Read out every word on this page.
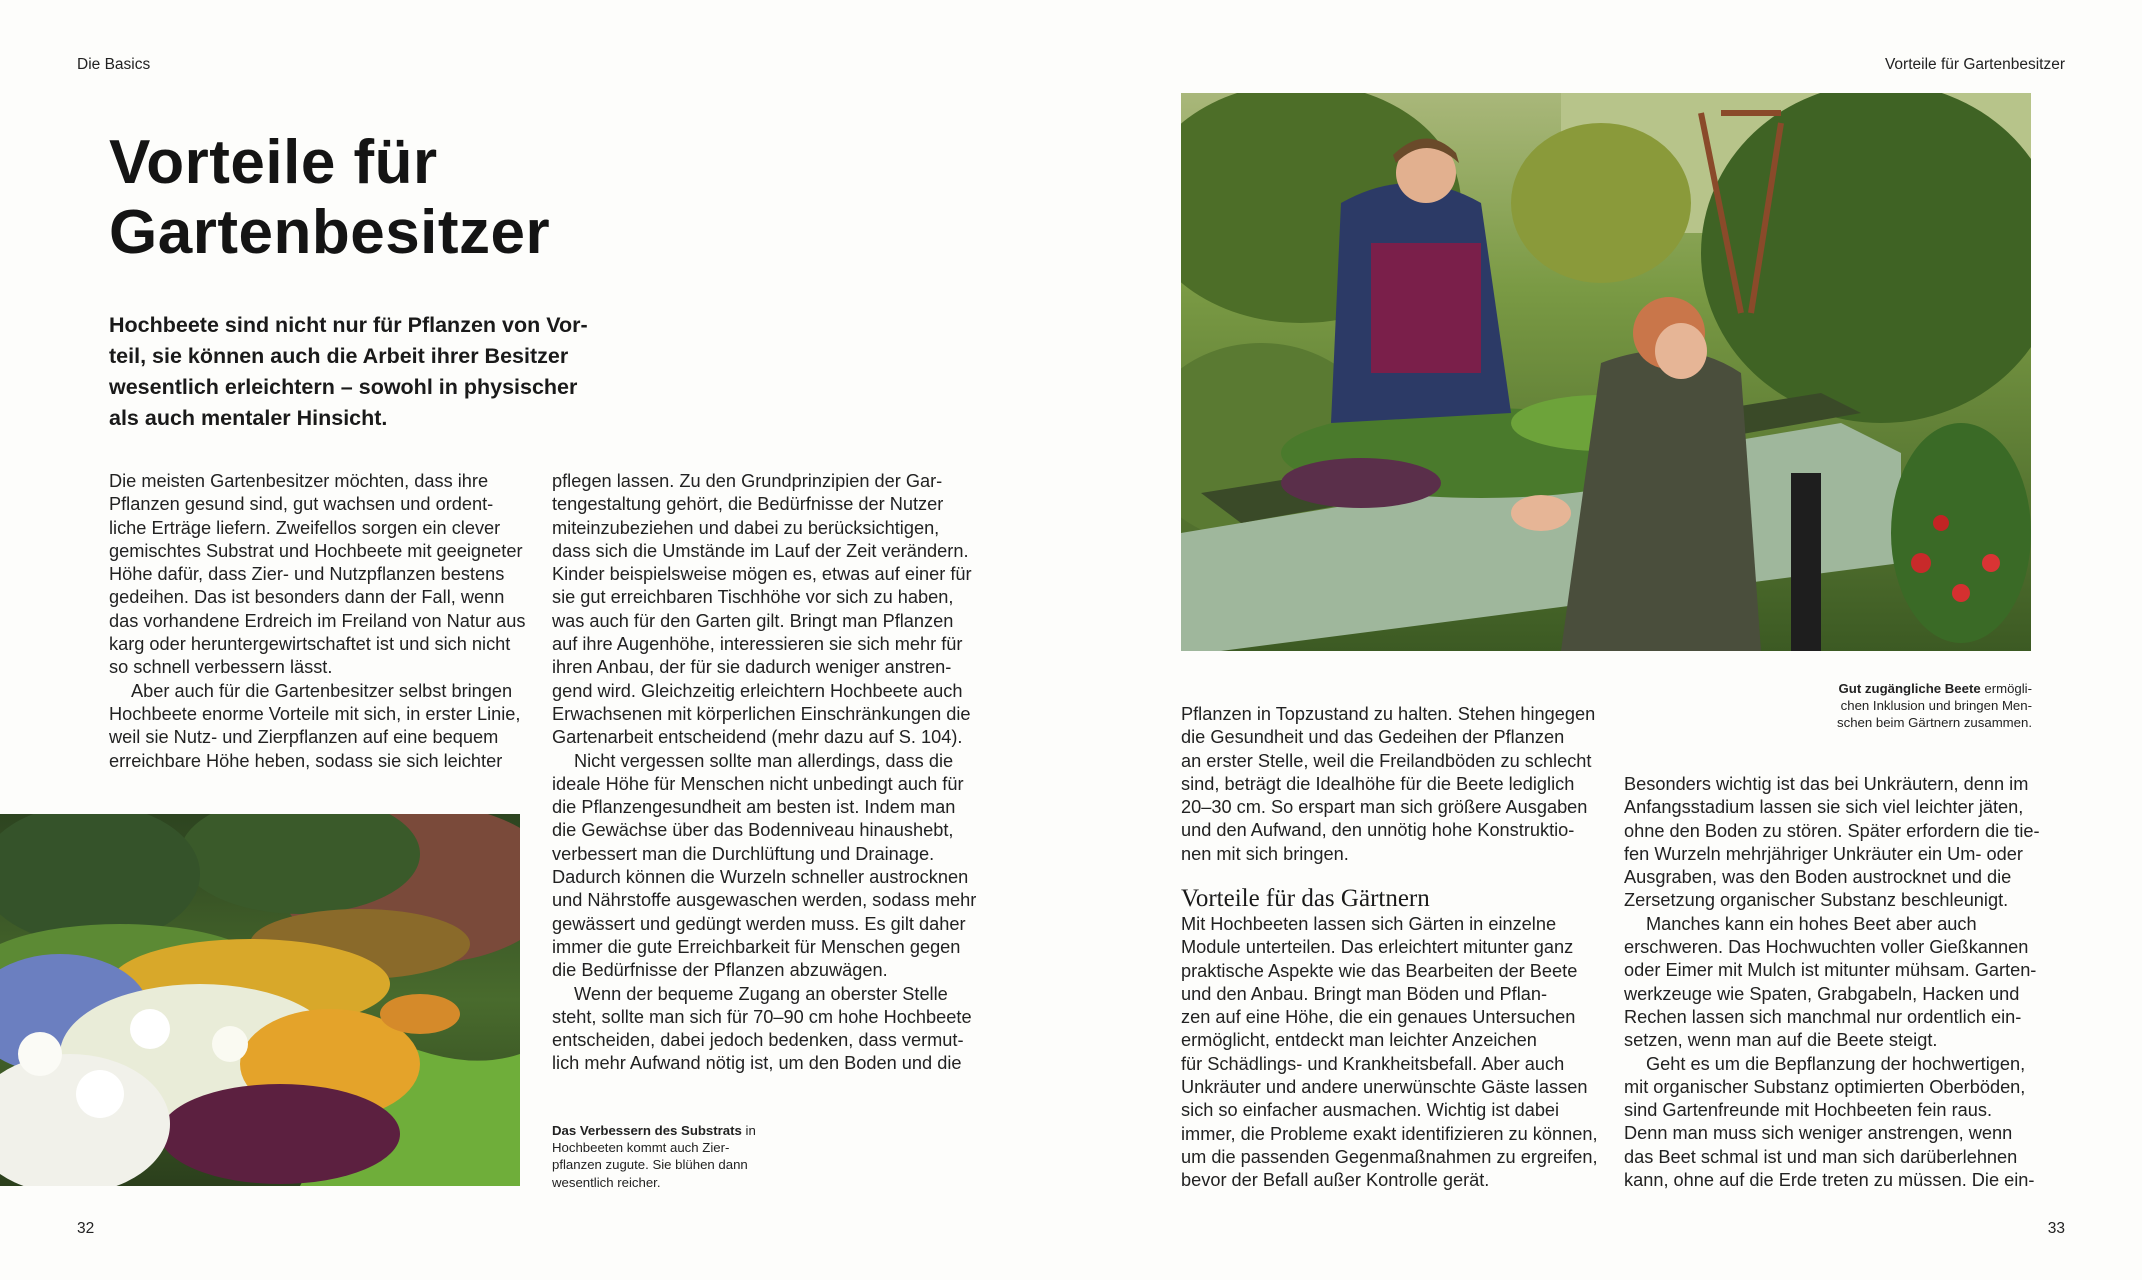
Die Basics	Vorteile für Gartenbesitzer
Vorteile für
Gartenbesitzer
Hochbeete sind nicht nur für Pflanzen von Vor-
teil, sie können auch die Arbeit ihrer Besitzer
wesentlich erleichtern – sowohl in physischer
als auch mentaler Hinsicht.
Die meisten Gartenbesitzer möchten, dass ihre
Pflanzen gesund sind, gut wachsen und ordent-
liche Erträge liefern. Zweifellos sorgen ein clever
gemischtes Substrat und Hochbeete mit geeigneter
Höhe dafür, dass Zier- und Nutzpflanzen bestens
gedeihen. Das ist besonders dann der Fall, wenn
das vorhandene Erdreich im Freiland von Natur aus
karg oder heruntergewirtschaftet ist und sich nicht
so schnell verbessern lässt.
Aber auch für die Gartenbesitzer selbst bringen
Hochbeete enorme Vorteile mit sich, in erster Linie,
weil sie Nutz- und Zierpflanzen auf eine bequem
erreichbare Höhe heben, sodass sie sich leichter
pflegen lassen. Zu den Grundprinzipien der Gar-
tengestaltung gehört, die Bedürfnisse der Nutzer
miteinzubeziehen und dabei zu berücksichtigen,
dass sich die Umstände im Lauf der Zeit verändern.
Kinder beispielsweise mögen es, etwas auf einer für
sie gut erreichbaren Tischhöhe vor sich zu haben,
was auch für den Garten gilt. Bringt man Pflanzen
auf ihre Augenhöhe, interessieren sie sich mehr für
ihren Anbau, der für sie dadurch weniger anstren-
gend wird. Gleichzeitig erleichtern Hochbeete auch
Erwachsenen mit körperlichen Einschränkungen die
Gartenarbeit entscheidend (mehr dazu auf S. 104).
Nicht vergessen sollte man allerdings, dass die
ideale Höhe für Menschen nicht unbedingt auch für
die Pflanzengesundheit am besten ist. Indem man
die Gewächse über das Bodenniveau hinaushebt,
verbessert man die Durchlüftung und Drainage.
Dadurch können die Wurzeln schneller austrocknen
und Nährstoffe ausgewaschen werden, sodass mehr
gewässert und gedüngt werden muss. Es gilt daher
immer die gute Erreichbarkeit für Menschen gegen
die Bedürfnisse der Pflanzen abzuwägen.
Wenn der bequeme Zugang an oberster Stelle
steht, sollte man sich für 70–90 cm hohe Hochbeete
entscheiden, dabei jedoch bedenken, dass vermut-
lich mehr Aufwand nötig ist, um den Boden und die
Das Verbessern des Substrats in
Hochbeeten kommt auch Zier-
pflanzen zugute. Sie blühen dann
wesentlich reicher.
Gut zugängliche Beete ermögli-
chen Inklusion und bringen Men-
schen beim Gärtnern zusammen.
Pflanzen in Topzustand zu halten. Stehen hingegen
die Gesundheit und das Gedeihen der Pflanzen
an erster Stelle, weil die Freilandböden zu schlecht
sind, beträgt die Idealhöhe für die Beete lediglich
20–30 cm. So erspart man sich größere Ausgaben
und den Aufwand, den unnötig hohe Konstruktio-
nen mit sich bringen.
Vorteile für das Gärtnern
Mit Hochbeeten lassen sich Gärten in einzelne
Module unterteilen. Das erleichtert mitunter ganz
praktische Aspekte wie das Bearbeiten der Beete
und den Anbau. Bringt man Böden und Pflan-
zen auf eine Höhe, die ein genaues Untersuchen
ermöglicht, entdeckt man leichter Anzeichen
für Schädlings- und Krankheitsbefall. Aber auch
Unkräuter und andere unerwünschte Gäste lassen
sich so einfacher ausmachen. Wichtig ist dabei
immer, die Probleme exakt identifizieren zu können,
um die passenden Gegenmaßnahmen zu ergreifen,
bevor der Befall außer Kontrolle gerät.
Besonders wichtig ist das bei Unkräutern, denn im
Anfangsstadium lassen sie sich viel leichter jäten,
ohne den Boden zu stören. Später erfordern die tie-
fen Wurzeln mehrjähriger Unkräuter ein Um- oder
Ausgraben, was den Boden austrocknet und die
Zersetzung organischer Substanz beschleunigt.
Manches kann ein hohes Beet aber auch
erschweren. Das Hochwuchten voller Gießkannen
oder Eimer mit Mulch ist mitunter mühsam. Garten-
werkzeuge wie Spaten, Grabgabeln, Hacken und
Rechen lassen sich manchmal nur ordentlich ein-
setzen, wenn man auf die Beete steigt.
Geht es um die Bepflanzung der hochwertigen,
mit organischer Substanz optimierten Oberböden,
sind Gartenfreunde mit Hochbeeten fein raus.
Denn man muss sich weniger anstrengen, wenn
das Beet schmal ist und man sich darüberlehnen
kann, ohne auf die Erde treten zu müssen. Die ein-
32	33
